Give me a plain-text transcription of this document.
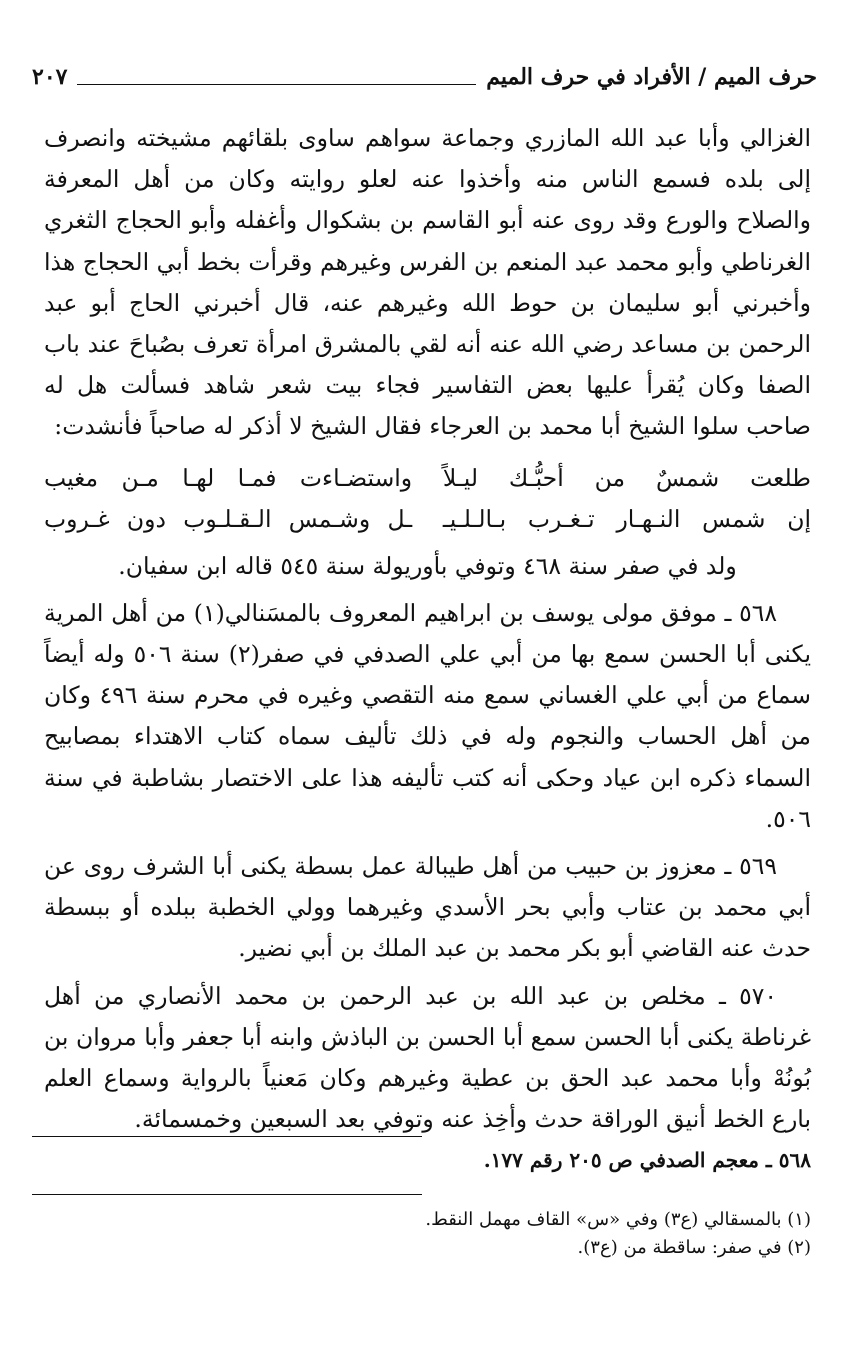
حرف الميم / الأفراد في حرف الميم
٢٠٧

الغزالي وأبا عبد الله المازري وجماعة سواهم ساوى بلقائهم مشيخته وانصرف إلى بلده فسمع الناس منه وأخذوا عنه لعلو روايته وكان من أهل المعرفة والصلاح والورع وقد روى عنه أبو القاسم بن بشكوال وأغفله وأبو الحجاج الثغري الغرناطي وأبو محمد عبد المنعم بن الفرس وغيرهم وقرأت بخط أبي الحجاج هذا وأخبرني أبو سليمان بن حوط الله وغيرهم عنه، قال أخبرني الحاج أبو عبد الرحمن بن مساعد رضي الله عنه أنه لقي بالمشرق امرأة تعرف بصُباحَ عند باب الصفا وكان يُقرأ عليها بعض التفاسير فجاء بيت شعر شاهد فسألت هل له صاحب سلوا الشيخ أبا محمد بن العرجاء فقال الشيخ لا أذكر له صاحباً فأنشدت:

طلعت شمسٌ من أحبُّـك ليـلاً
واستضـاءت فمـا لهـا مـن مغيب
إن شمس النـهـار تـغـرب بـالـلـيـ
ـل وشـمس الـقـلـوب دون غـروب

ولد في صفر سنة ٤٦٨ وتوفي بأوريولة سنة ٥٤٥ قاله ابن سفيان.

٥٦٨ ـ موفق مولى يوسف بن ابراهيم المعروف بالمسَنالي(١) من أهل المرية يكنى أبا الحسن سمع بها من أبي علي الصدفي في صفر(٢) سنة ٥٠٦ وله أيضاً سماع من أبي علي الغساني سمع منه التقصي وغيره في محرم سنة ٤٩٦ وكان من أهل الحساب والنجوم وله في ذلك تأليف سماه كتاب الاهتداء بمصابيح السماء ذكره ابن عياد وحكى أنه كتب تأليفه هذا على الاختصار بشاطبة في سنة ٥٠٦.

٥٦٩ ـ معزوز بن حبيب من أهل طيبالة عمل بسطة يكنى أبا الشرف روى عن أبي محمد بن عتاب وأبي بحر الأسدي وغيرهما وولي الخطبة ببلده أو ببسطة حدث عنه القاضي أبو بكر محمد بن عبد الملك بن أبي نضير.

٥٧٠ ـ مخلص بن عبد الله بن عبد الرحمن بن محمد الأنصاري من أهل غرناطة يكنى أبا الحسن سمع أبا الحسن بن الباذش وابنه أبا جعفر وأبا مروان بن بُونُهْ وأبا محمد عبد الحق بن عطية وغيرهم وكان مَعنياً بالرواية وسماع العلم بارع الخط أنيق الوراقة حدث وأخِذ عنه وتوفي بعد السبعين وخمسمائة.

٥٦٨ ـ معجم الصدفي ص ٢٠٥ رقم ١٧٧.
(١) بالمسقالي (ع٣) وفي «س» القاف مهمل النقط.
(٢) في صفر: ساقطة من (ع٣).
